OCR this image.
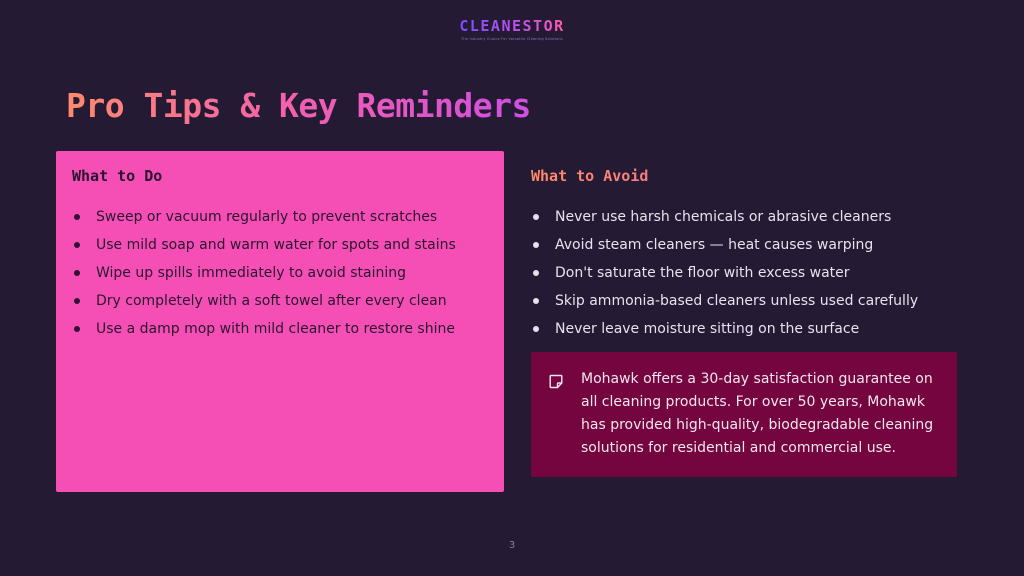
CLEANESTOR
The Industry Choice For Versatile Cleaning Solutions
Pro Tips & Key Reminders
What to Do
Sweep or vacuum regularly to prevent scratches
Use mild soap and warm water for spots and stains
Wipe up spills immediately to avoid staining
Dry completely with a soft towel after every clean
Use a damp mop with mild cleaner to restore shine
What to Avoid
Never use harsh chemicals or abrasive cleaners
Avoid steam cleaners — heat causes warping
Don't saturate the floor with excess water
Skip ammonia-based cleaners unless used carefully
Never leave moisture sitting on the surface
Mohawk offers a 30-day satisfaction guarantee on
all cleaning products. For over 50 years, Mohawk
has provided high-quality, biodegradable cleaning
solutions for residential and commercial use.
3
